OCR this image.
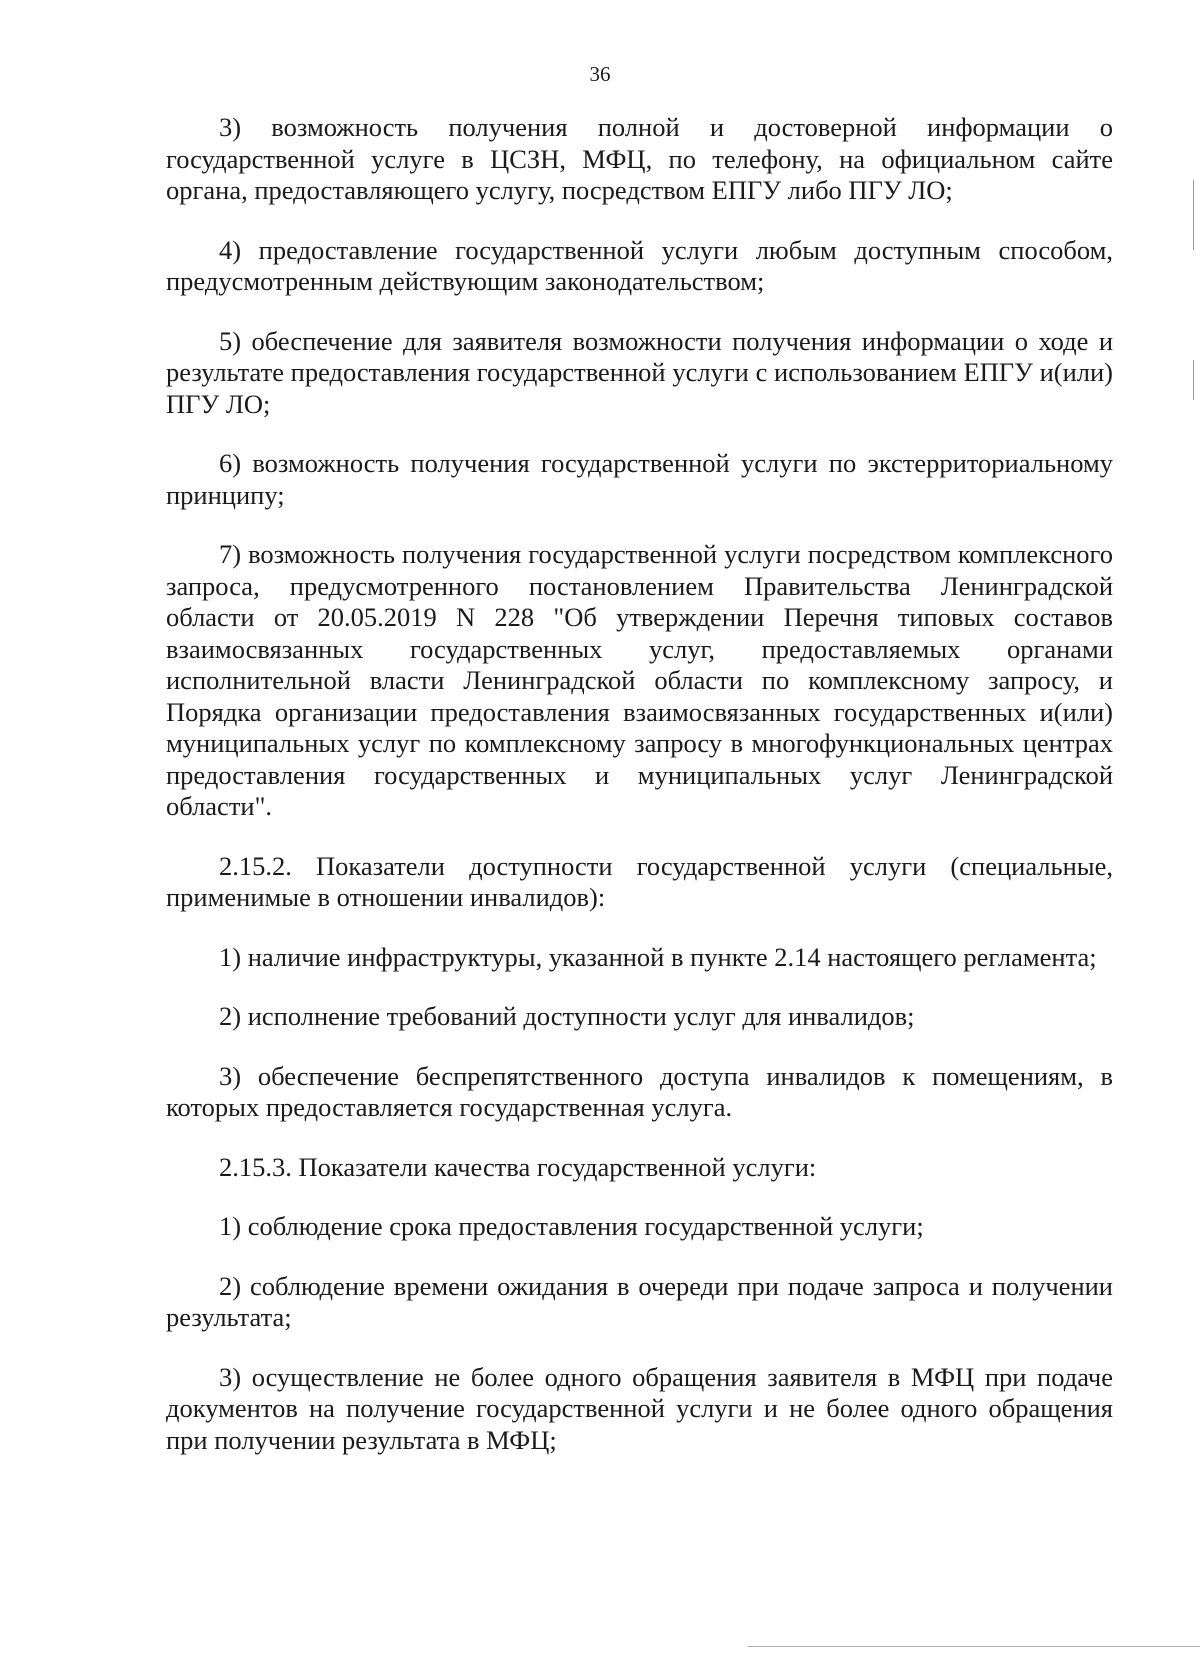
36

3) возможность получения полной и достоверной информации о государственной услуге в ЦСЗН, МФЦ, по телефону, на официальном сайте органа, предоставляющего услугу, посредством ЕПГУ либо ПГУ ЛО;

4) предоставление государственной услуги любым доступным способом, предусмотренным действующим законодательством;

5) обеспечение для заявителя возможности получения информации о ходе и результате предоставления государственной услуги с использованием ЕПГУ и(или) ПГУ ЛО;

6) возможность получения государственной услуги по экстерриториальному принципу;

7) возможность получения государственной услуги посредством комплексного запроса, предусмотренного постановлением Правительства Ленинградской области от 20.05.2019 N 228 "Об утверждении Перечня типовых составов взаимосвязанных государственных услуг, предоставляемых органами исполнительной власти Ленинградской области по комплексному запросу, и Порядка организации предоставления взаимосвязанных государственных и(или) муниципальных услуг по комплексному запросу в многофункциональных центрах предоставления государственных и муниципальных услуг Ленинградской области".

2.15.2. Показатели доступности государственной услуги (специальные, применимые в отношении инвалидов):

1) наличие инфраструктуры, указанной в пункте 2.14 настоящего регламента;

2) исполнение требований доступности услуг для инвалидов;

3) обеспечение беспрепятственного доступа инвалидов к помещениям, в которых предоставляется государственная услуга.

2.15.3. Показатели качества государственной услуги:

1) соблюдение срока предоставления государственной услуги;

2) соблюдение времени ожидания в очереди при подаче запроса и получении результата;

3) осуществление не более одного обращения заявителя в МФЦ при подаче документов на получение государственной услуги и не более одного обращения при получении результата в МФЦ;
